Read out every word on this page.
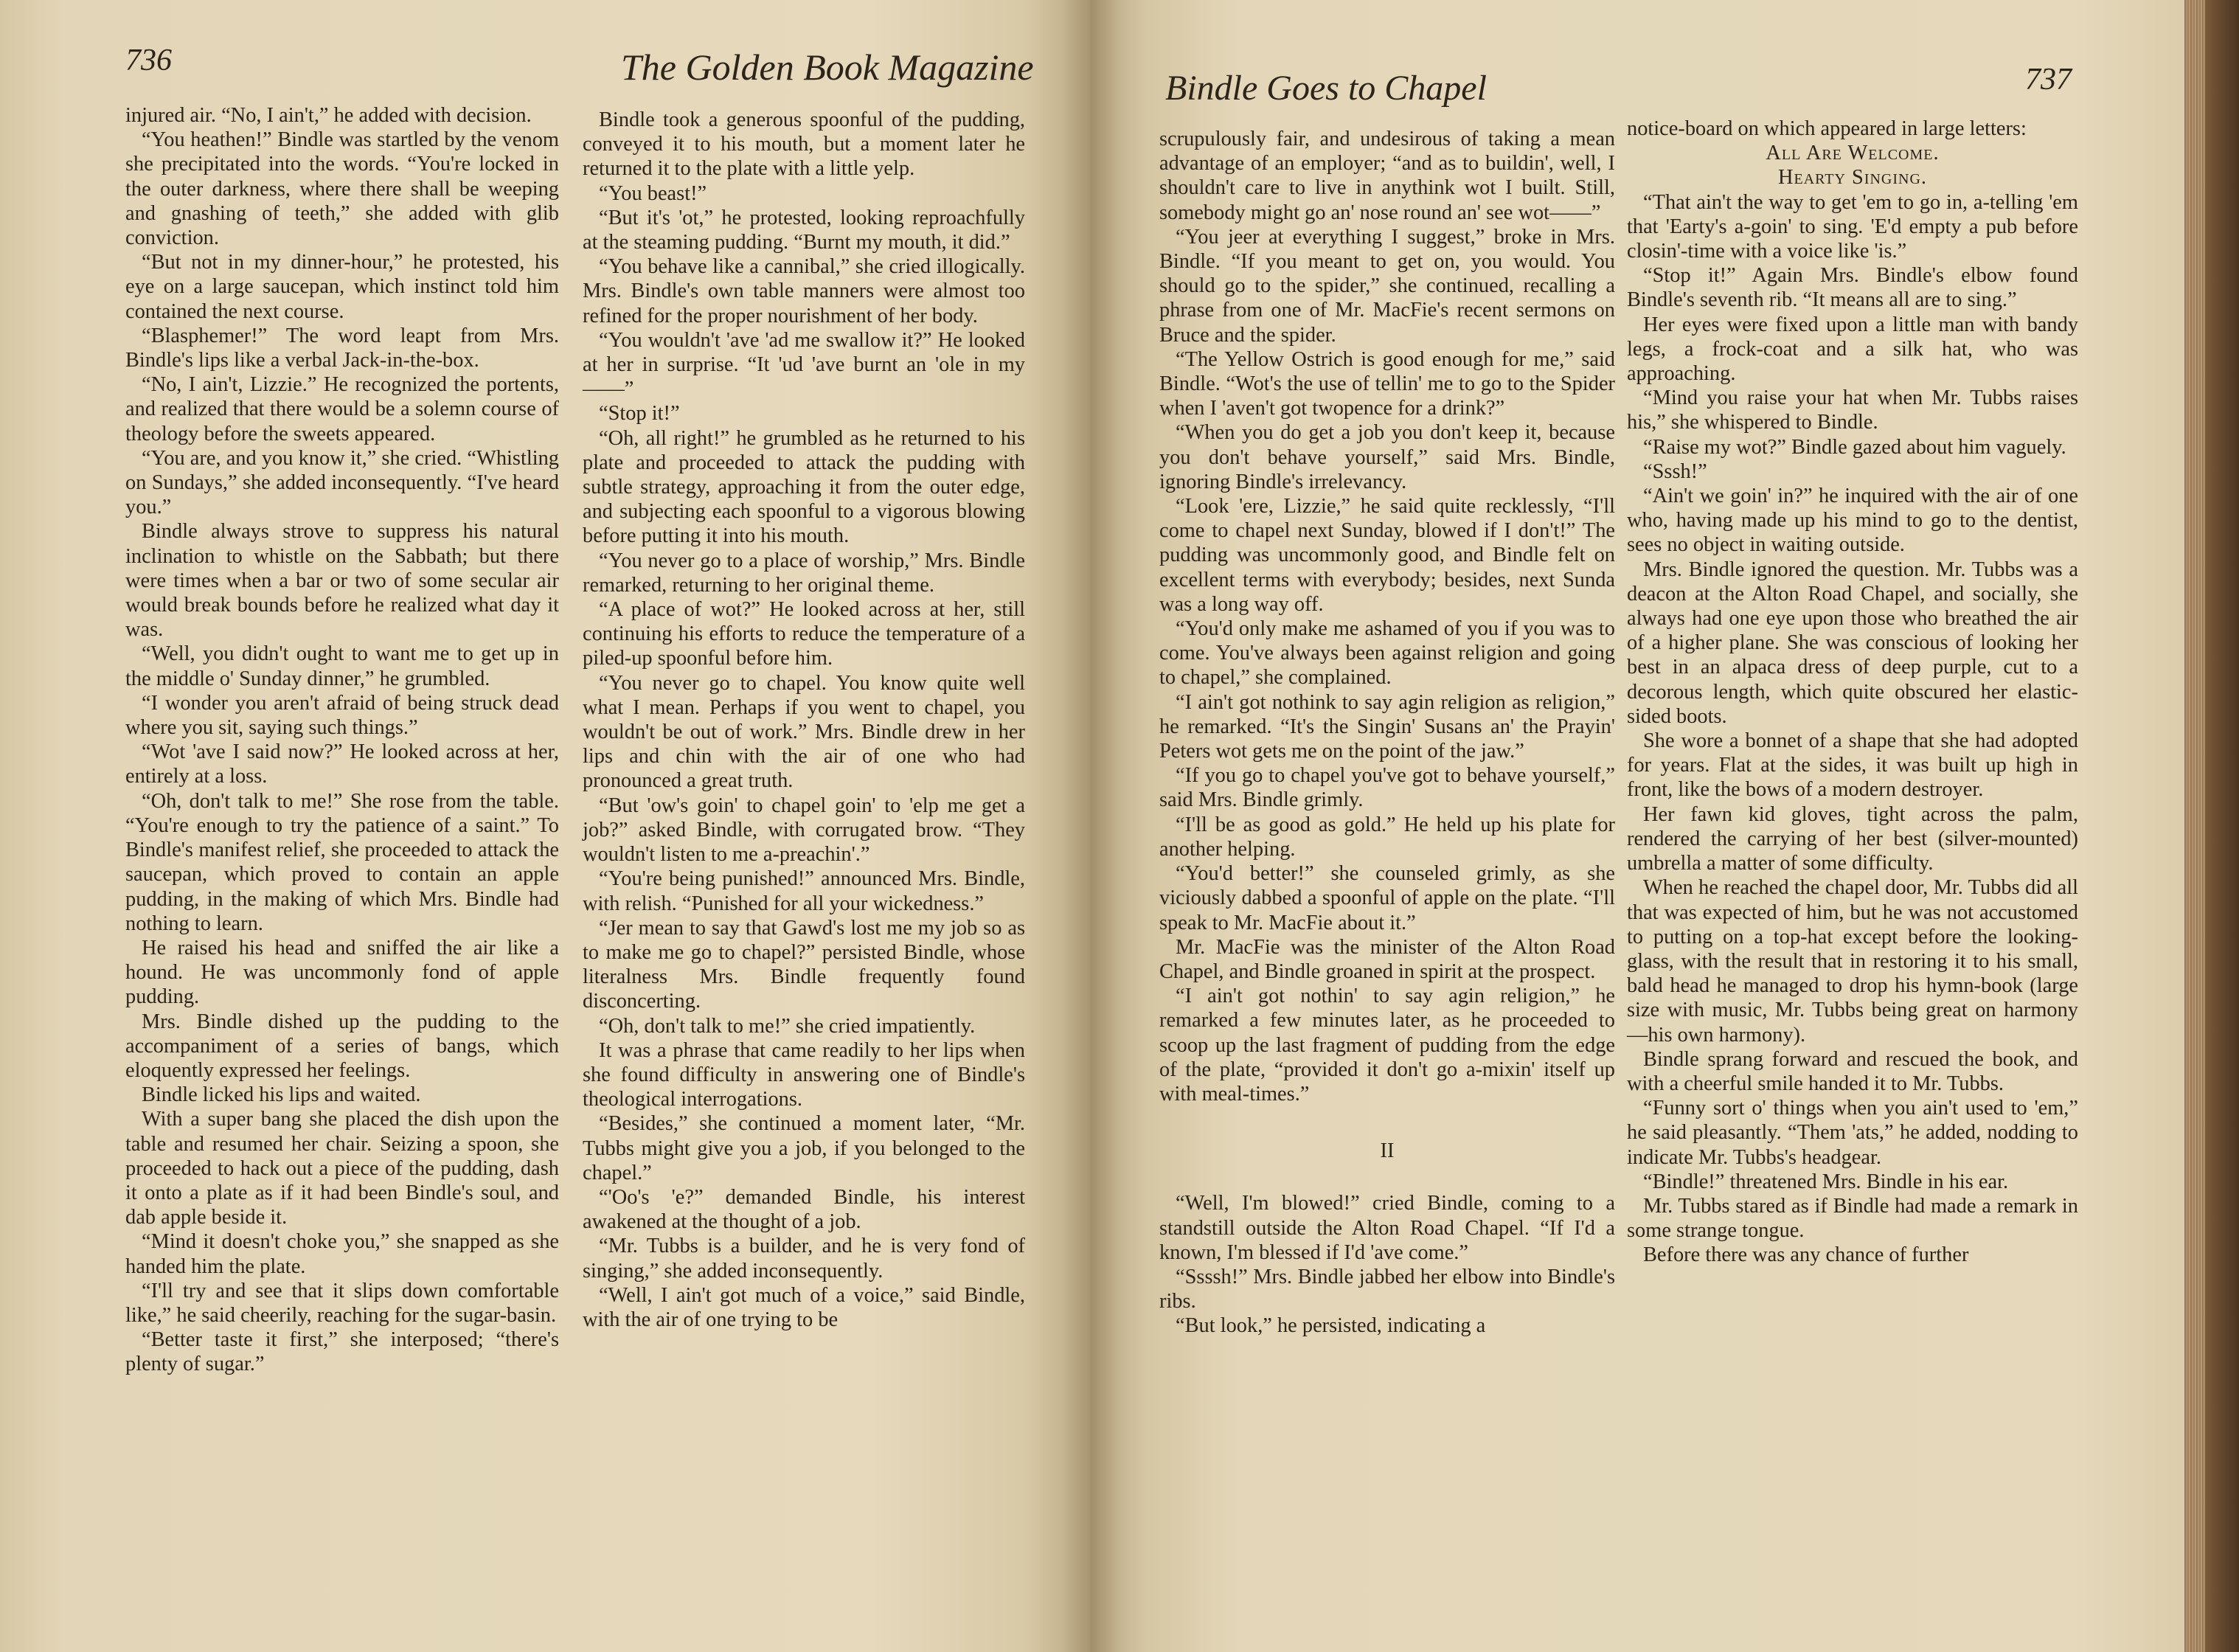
736	The Golden Book Magazine

injured air. “No, I ain't,” he added with decision.

“You heathen!” Bindle was startled by the venom she precipitated into the words. “You're locked in the outer darkness, where there shall be weeping and gnashing of teeth,” she added with glib conviction.

“But not in my dinner-hour,” he protested, his eye on a large saucepan, which instinct told him contained the next course.

“Blasphemer!” The word leapt from Mrs. Bindle's lips like a verbal Jack-in-the-box.

“No, I ain't, Lizzie.” He recognized the portents, and realized that there would be a solemn course of theology before the sweets appeared.

“You are, and you know it,” she cried. “Whistling on Sundays,” she added inconsequently. “I've heard you.”

Bindle always strove to suppress his natural inclination to whistle on the Sabbath; but there were times when a bar or two of some secular air would break bounds before he realized what day it was.

“Well, you didn't ought to want me to get up in the middle o' Sunday dinner,” he grumbled.

“I wonder you aren't afraid of being struck dead where you sit, saying such things.”

“Wot 'ave I said now?” He looked across at her, entirely at a loss.

“Oh, don't talk to me!” She rose from the table. “You're enough to try the patience of a saint.” To Bindle's manifest relief, she proceeded to attack the saucepan, which proved to contain an apple pudding, in the making of which Mrs. Bindle had nothing to learn.

He raised his head and sniffed the air like a hound. He was uncommonly fond of apple pudding.

Mrs. Bindle dished up the pudding to the accompaniment of a series of bangs, which eloquently expressed her feelings.

Bindle licked his lips and waited.

With a super bang she placed the dish upon the table and resumed her chair. Seizing a spoon, she proceeded to hack out a piece of the pudding, dash it onto a plate as if it had been Bindle's soul, and dab apple beside it.

“Mind it doesn't choke you,” she snapped as she handed him the plate.

“I'll try and see that it slips down comfortable like,” he said cheerily, reaching for the sugar-basin.

“Better taste it first,” she interposed; “there's plenty of sugar.”

Bindle took a generous spoonful of the pudding, conveyed it to his mouth, but a moment later he returned it to the plate with a little yelp.

“You beast!”

“But it's 'ot,” he protested, looking reproachfully at the steaming pudding. “Burnt my mouth, it did.”

“You behave like a cannibal,” she cried illogically. Mrs. Bindle's own table manners were almost too refined for the proper nourishment of her body.

“You wouldn't 'ave 'ad me swallow it?” He looked at her in surprise. “It 'ud 'ave burnt an 'ole in my——”

“Stop it!”

“Oh, all right!” he grumbled as he returned to his plate and proceeded to attack the pudding with subtle strategy, approaching it from the outer edge, and subjecting each spoonful to a vigorous blowing before putting it into his mouth.

“You never go to a place of worship,” Mrs. Bindle remarked, returning to her original theme.

“A place of wot?” He looked across at her, still continuing his efforts to reduce the temperature of a piled-up spoonful before him.

“You never go to chapel. You know quite well what I mean. Perhaps if you went to chapel, you wouldn't be out of work.” Mrs. Bindle drew in her lips and chin with the air of one who had pronounced a great truth.

“But 'ow's goin' to chapel goin' to 'elp me get a job?” asked Bindle, with corrugated brow. “They wouldn't listen to me a-preachin'.”

“You're being punished!” announced Mrs. Bindle, with relish. “Punished for all your wickedness.”

“Jer mean to say that Gawd's lost me my job so as to make me go to chapel?” persisted Bindle, whose literalness Mrs. Bindle frequently found disconcerting.

“Oh, don't talk to me!” she cried impatiently.

It was a phrase that came readily to her lips when she found difficulty in answering one of Bindle's theological interrogations.

“Besides,” she continued a moment later, “Mr. Tubbs might give you a job, if you belonged to the chapel.”

“'Oo's 'e?” demanded Bindle, his interest awakened at the thought of a job.

“Mr. Tubbs is a builder, and he is very fond of singing,” she added inconsequently.

“Well, I ain't got much of a voice,” said Bindle, with the air of one trying to be

Bindle Goes to Chapel	737

scrupulously fair, and undesirous of taking a mean advantage of an employer; “and as to buildin', well, I shouldn't care to live in anythink wot I built. Still, somebody might go an' nose round an' see wot——”

“You jeer at everything I suggest,” broke in Mrs. Bindle. “If you meant to get on, you would. You should go to the spider,” she continued, recalling a phrase from one of Mr. MacFie's recent sermons on Bruce and the spider.

“The Yellow Ostrich is good enough for me,” said Bindle. “Wot's the use of tellin' me to go to the Spider when I 'aven't got twopence for a drink?”

“When you do get a job you don't keep it, because you don't behave yourself,” said Mrs. Bindle, ignoring Bindle's irrelevancy.

“Look 'ere, Lizzie,” he said quite recklessly, “I'll come to chapel next Sunday, blowed if I don't!” The pudding was uncommonly good, and Bindle felt on excellent terms with everybody; besides, next Sunda was a long way off.

“You'd only make me ashamed of you if you was to come. You've always been against religion and going to chapel,” she complained.

“I ain't got nothink to say agin religion as religion,” he remarked. “It's the Singin' Susans an' the Prayin' Peters wot gets me on the point of the jaw.”

“If you go to chapel you've got to behave yourself,” said Mrs. Bindle grimly.

“I'll be as good as gold.” He held up his plate for another helping.

“You'd better!” she counseled grimly, as she viciously dabbed a spoonful of apple on the plate. “I'll speak to Mr. MacFie about it.”

Mr. MacFie was the minister of the Alton Road Chapel, and Bindle groaned in spirit at the prospect.

“I ain't got nothin' to say agin religion,” he remarked a few minutes later, as he proceeded to scoop up the last fragment of pudding from the edge of the plate, “provided it don't go a-mixin' itself up with meal-times.”

II

“Well, I'm blowed!” cried Bindle, coming to a standstill outside the Alton Road Chapel. “If I'd a known, I'm blessed if I'd 'ave come.”

“Ssssh!” Mrs. Bindle jabbed her elbow into Bindle's ribs.

“But look,” he persisted, indicating a

notice-board on which appeared in large letters:

All Are Welcome.

Hearty Singing.

“That ain't the way to get 'em to go in, a-telling 'em that 'Earty's a-goin' to sing. 'E'd empty a pub before closin'-time with a voice like 'is.”

“Stop it!” Again Mrs. Bindle's elbow found Bindle's seventh rib. “It means all are to sing.”

Her eyes were fixed upon a little man with bandy legs, a frock-coat and a silk hat, who was approaching.

“Mind you raise your hat when Mr. Tubbs raises his,” she whispered to Bindle.

“Raise my wot?” Bindle gazed about him vaguely.

“Sssh!”

“Ain't we goin' in?” he inquired with the air of one who, having made up his mind to go to the dentist, sees no object in waiting outside.

Mrs. Bindle ignored the question. Mr. Tubbs was a deacon at the Alton Road Chapel, and socially, she always had one eye upon those who breathed the air of a higher plane. She was conscious of looking her best in an alpaca dress of deep purple, cut to a decorous length, which quite obscured her elastic-sided boots.

She wore a bonnet of a shape that she had adopted for years. Flat at the sides, it was built up high in front, like the bows of a modern destroyer.

Her fawn kid gloves, tight across the palm, rendered the carrying of her best (silver-mounted) umbrella a matter of some difficulty.

When he reached the chapel door, Mr. Tubbs did all that was expected of him, but he was not accustomed to putting on a top-hat except before the looking-glass, with the result that in restoring it to his small, bald head he managed to drop his hymn-book (large size with music, Mr. Tubbs being great on harmony—his own harmony).

Bindle sprang forward and rescued the book, and with a cheerful smile handed it to Mr. Tubbs.

“Funny sort o' things when you ain't used to 'em,” he said pleasantly. “Them 'ats,” he added, nodding to indicate Mr. Tubbs's headgear.

“Bindle!” threatened Mrs. Bindle in his ear.

Mr. Tubbs stared as if Bindle had made a remark in some strange tongue.

Before there was any chance of further
